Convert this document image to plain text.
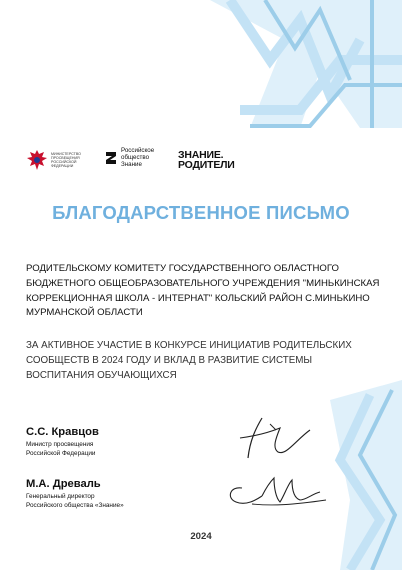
МИНИСТЕРСТВО ПРОСВЕЩЕНИЯ РОССИЙСКОЙ ФЕДЕРАЦИИ
Российское общество Знание
ЗНАНИЕ.
РОДИТЕЛИ
БЛАГОДАРСТВЕННОЕ ПИСЬМО
РОДИТЕЛЬСКОМУ КОМИТЕТУ ГОСУДАРСТВЕННОГО ОБЛАСТНОГО БЮДЖЕТНОГО ОБЩЕОБРАЗОВАТЕЛЬНОГО УЧРЕЖДЕНИЯ "МИНЬКИНСКАЯ КОРРЕКЦИОННАЯ ШКОЛА - ИНТЕРНАТ" КОЛЬСКИЙ РАЙОН С.МИНЬКИНО МУРМАНСКОЙ ОБЛАСТИ
ЗА АКТИВНОЕ УЧАСТИЕ В КОНКУРСЕ ИНИЦИАТИВ РОДИТЕЛЬСКИХ СООБЩЕСТВ В 2024 ГОДУ И ВКЛАД В РАЗВИТИЕ СИСТЕМЫ ВОСПИТАНИЯ ОБУЧАЮЩИХСЯ
С.С. Кравцов
Министр просвещения
Российской Федерации
М.А. Древаль
Генеральный директор
Российского общества «Знание»
2024
